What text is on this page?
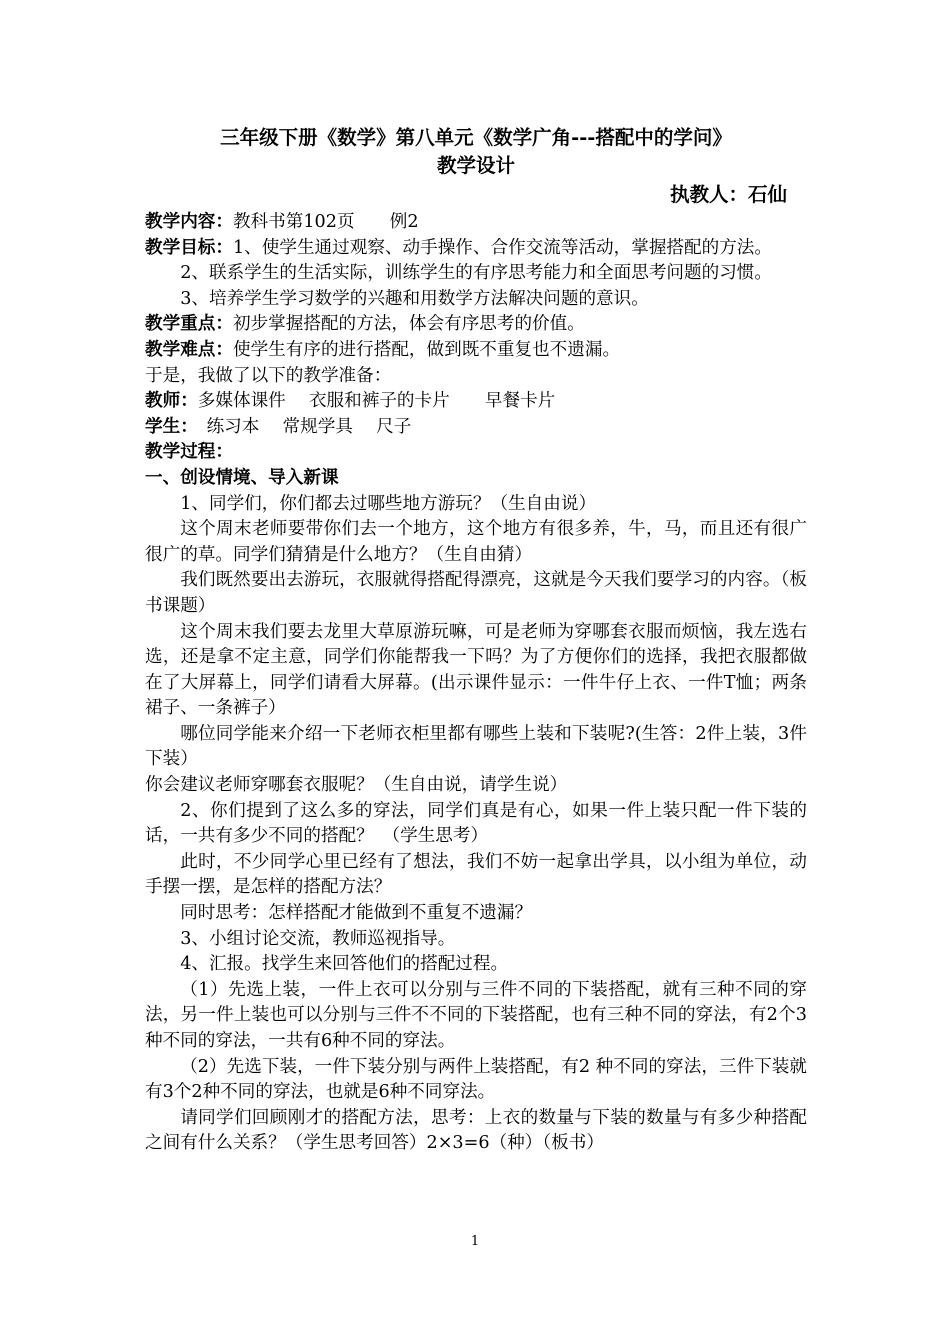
三年级下册《数学》第八单元《数学广角---搭配中的学问》

教学设计

执教人：石仙

教学内容：教科书第102页　　例2

教学目标：1、使学生通过观察、动手操作、合作交流等活动，掌握搭配的方法。

2、联系学生的生活实际，训练学生的有序思考能力和全面思考问题的习惯。

3、培养学生学习数学的兴趣和用数学方法解决问题的意识。

教学重点：初步掌握搭配的方法，体会有序思考的价值。

教学难点：使学生有序的进行搭配，做到既不重复也不遗漏。

于是，我做了以下的教学准备：

教师：多媒体课件　 衣服和裤子的卡片　　早餐卡片

学生：　练习本　 常规学具　 尺子

教学过程：

一、创设情境、导入新课

1、同学们，你们都去过哪些地方游玩？（生自由说）

这个周末老师要带你们去一个地方，这个地方有很多养，牛，马，而且还有很广很广的草。同学们猜猜是什么地方？（生自由猜）

我们既然要出去游玩，衣服就得搭配得漂亮，这就是今天我们要学习的内容。（板书课题）

这个周末我们要去龙里大草原游玩嘛，可是老师为穿哪套衣服而烦恼，我左选右选，还是拿不定主意，同学们你能帮我一下吗？为了方便你们的选择，我把衣服都做在了大屏幕上，同学们请看大屏幕。(出示课件显示：一件牛仔上衣、一件T恤；两条裙子、一条裤子）

哪位同学能来介绍一下老师衣柜里都有哪些上装和下装呢?(生答：2件上装，3件下装）

你会建议老师穿哪套衣服呢？（生自由说，请学生说）

2、你们提到了这么多的穿法，同学们真是有心，如果一件上装只配一件下装的话，一共有多少不同的搭配？　（学生思考）

此时，不少同学心里已经有了想法，我们不妨一起拿出学具，以小组为单位，动手摆一摆，是怎样的搭配方法？

同时思考：怎样搭配才能做到不重复不遗漏？

3、小组讨论交流，教师巡视指导。

4、汇报。找学生来回答他们的搭配过程。

（1）先选上装，一件上衣可以分别与三件不同的下装搭配，就有三种不同的穿法，另一件上装也可以分别与三件不不同的下装搭配，也有三种不同的穿法，有2个3种不同的穿法，一共有6种不同的穿法。

（2）先选下装，一件下装分别与两件上装搭配，有2 种不同的穿法，三件下装就有3个2种不同的穿法，也就是6种不同穿法。

请同学们回顾刚才的搭配方法，思考：上衣的数量与下装的数量与有多少种搭配之间有什么关系？（学生思考回答）2×3=6（种）（板书）

1
